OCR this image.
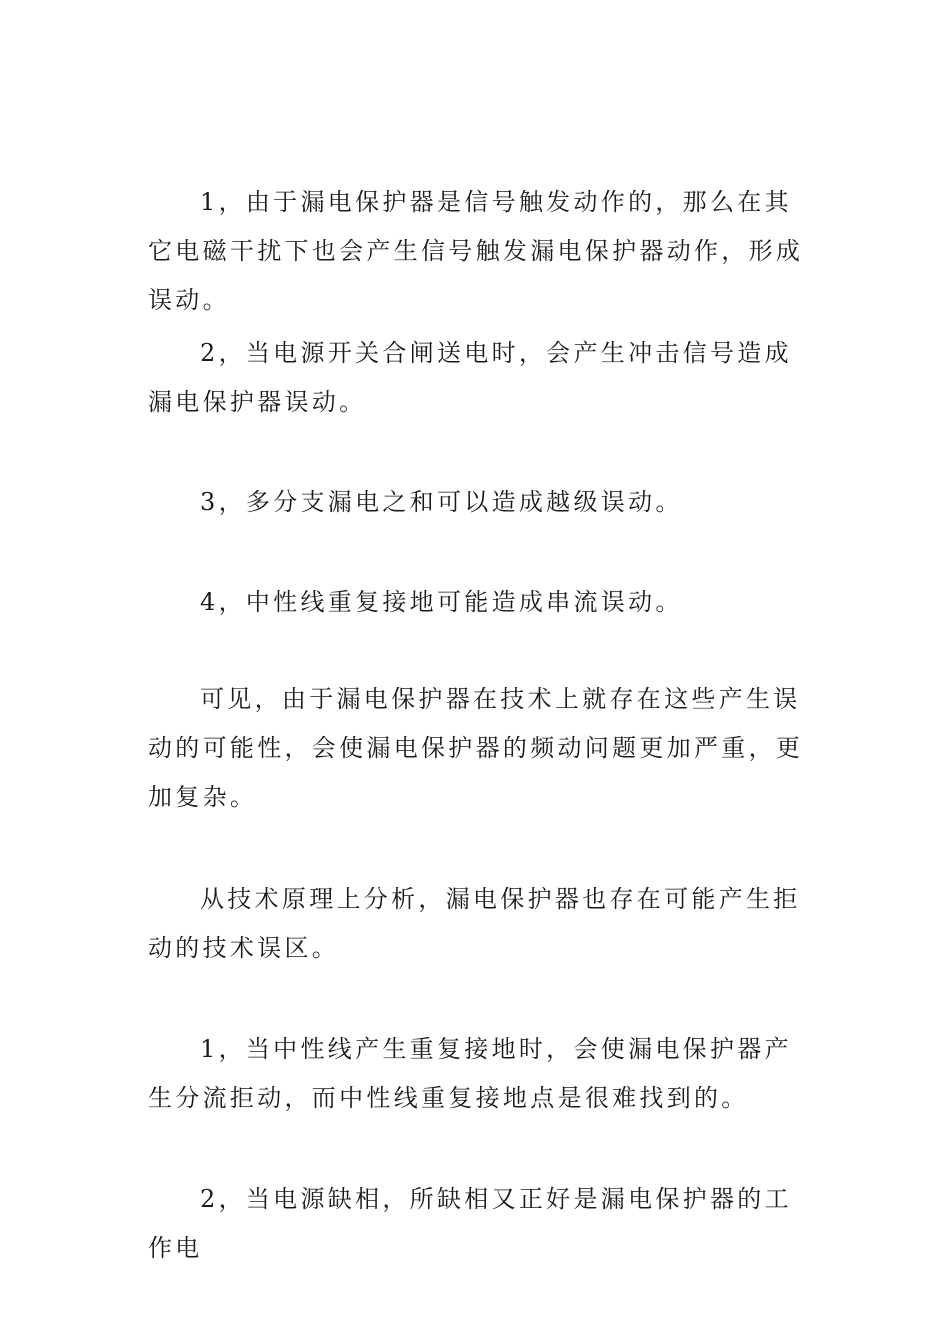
1，由于漏电保护器是信号触发动作的，那么在其它电磁干扰下也会产生信号触发漏电保护器动作，形成误动。

2，当电源开关合闸送电时，会产生冲击信号造成漏电保护器误动。

3，多分支漏电之和可以造成越级误动。

4，中性线重复接地可能造成串流误动。

可见，由于漏电保护器在技术上就存在这些产生误动的可能性，会使漏电保护器的频动问题更加严重，更加复杂。

从技术原理上分析，漏电保护器也存在可能产生拒动的技术误区。

1，当中性线产生重复接地时，会使漏电保护器产生分流拒动，而中性线重复接地点是很难找到的。

2，当电源缺相，所缺相又正好是漏电保护器的工作电
